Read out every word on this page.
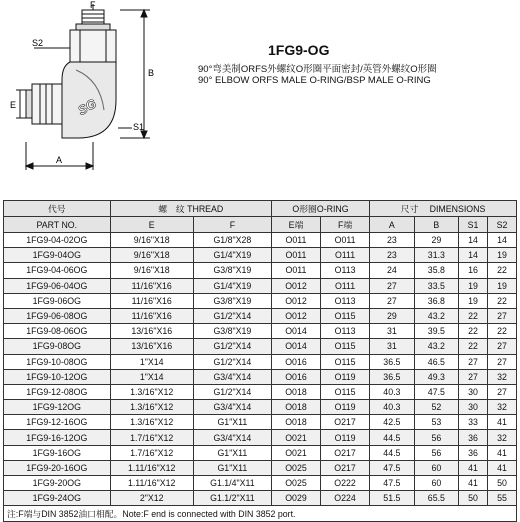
1FG9-OG
90°弯美制ORFS外螺纹O形圈平面密封/英管外螺纹O形圈
90° ELBOW ORFS MALE O-RING/BSP MALE O-RING
F
S2
B
E
S1
A
SG
代号	螺　纹 THREAD		O形圈O-RING		尺寸　 DIMENSIONS			
PART NO.								
	E	F	E端	F端	A	B	S1	S2
1FG9-04-02OG	9/16"X18	G1/8"X28	O011	O011	23	29	14	14
1FG9-04OG	9/16"X18	G1/4"X19	O011	O111	23	31.3	14	19
1FG9-04-06OG	9/16"X18	G3/8"X19	O011	O113	24	35.8	16	22
1FG9-06-04OG	11/16"X16	G1/4"X19	O012	O111	27	33.5	19	19
1FG9-06OG	11/16"X16	G3/8"X19	O012	O113	27	36.8	19	22
1FG9-06-08OG	11/16"X16	G1/2"X14	O012	O115	29	43.2	22	27
1FG9-08-06OG	13/16"X16	G3/8"X19	O014	O113	31	39.5	22	22
1FG9-08OG	13/16"X16	G1/2"X14	O014	O115	31	43.2	22	27
1FG9-10-08OG	1"X14	G1/2"X14	O016	O115	36.5	46.5	27	27
1FG9-10-12OG	1"X14	G3/4"X14	O016	O119	36.5	49.3	27	32
1FG9-12-08OG	1.3/16"X12	G1/2"X14	O018	O115	40.3	47.5	30	27
1FG9-12OG	1.3/16"X12	G3/4"X14	O018	O119	40.3	52	30	32
1FG9-12-16OG	1.3/16"X12	G1"X11	O018	O217	42.5	53	33	41
1FG9-16-12OG	1.7/16"X12	G3/4"X14	O021	O119	44.5	56	36	32
1FG9-16OG	1.7/16"X12	G1"X11	O021	O217	44.5	56	36	41
1FG9-20-16OG	1.11/16"X12	G1"X11	O025	O217	47.5	60	41	41
1FG9-20OG	1.11/16"X12	G1.1/4"X11	O025	O222	47.5	60	41	50
1FG9-24OG	2"X12	G1.1/2"X11	O029	O224	51.5	65.5	50	55
注:F端与DIN 3852油口相配。Note:F end is connected with DIN 3852 port.								
